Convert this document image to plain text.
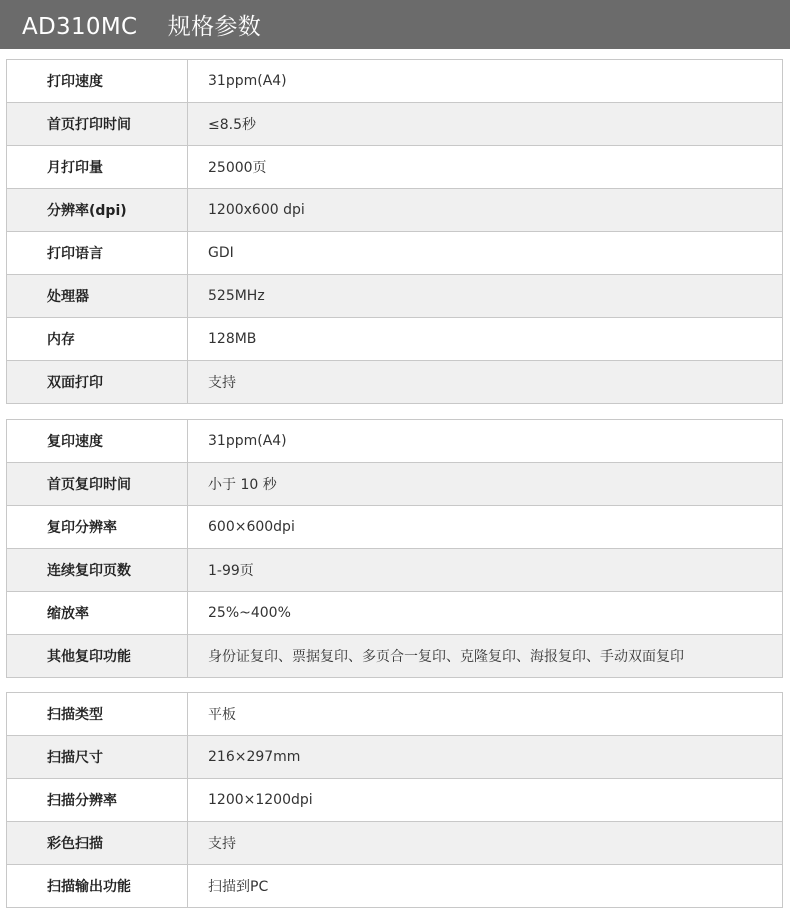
AD310MC    规格参数
打印速度	31ppm(A4)
首页打印时间	≤8.5秒
月打印量	25000页
分辨率(dpi)	1200x600 dpi
打印语言	GDI
处理器	525MHz
内存	128MB
双面打印	支持
复印速度	31ppm(A4)
首页复印时间	小于 10 秒
复印分辨率	600×600dpi
连续复印页数	1-99页
缩放率	25%~400%
其他复印功能	身份证复印、票据复印、多页合一复印、克隆复印、海报复印、手动双面复印
扫描类型	平板
扫描尺寸	216×297mm
扫描分辨率	1200×1200dpi
彩色扫描	支持
扫描输出功能	扫描到PC
